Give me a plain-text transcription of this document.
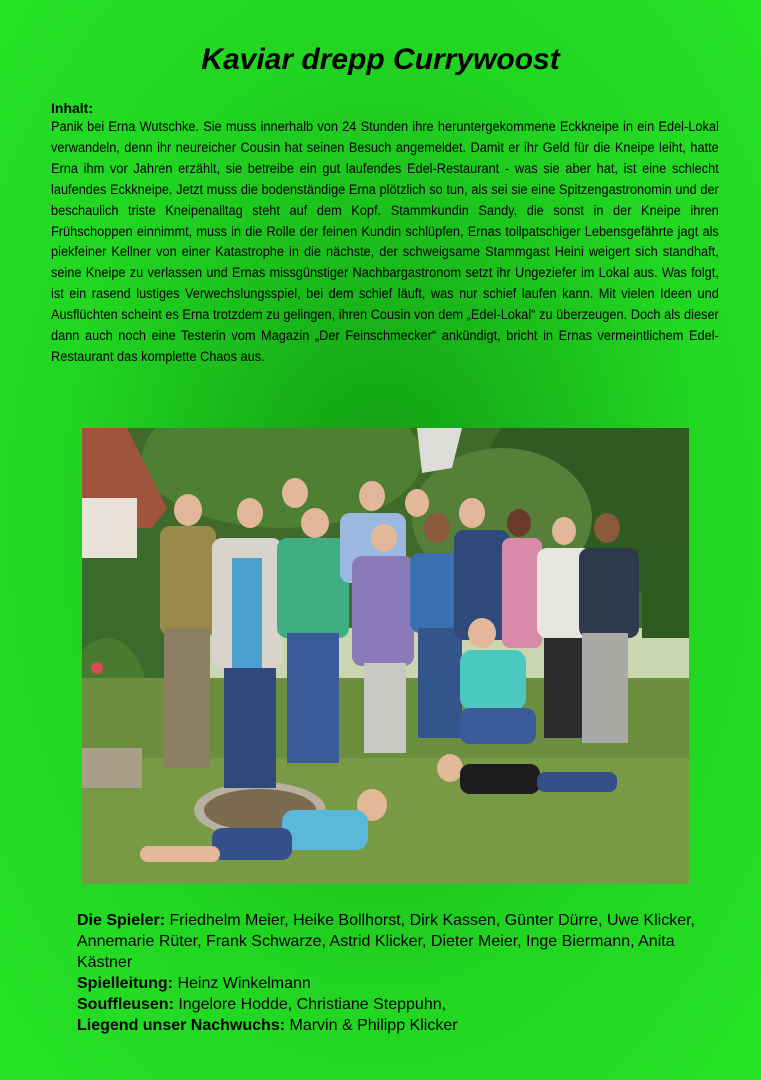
Kaviar drepp Currywoost
Inhalt:
Panik bei Erna Wutschke. Sie muss innerhalb von 24 Stunden ihre heruntergekommene Eckkneipe in ein Edel-Lokal verwandeln, denn ihr neureicher Cousin hat seinen Besuch angemeldet. Damit er ihr Geld für die Kneipe leiht, hatte Erna ihm vor Jahren erzählt, sie betreibe ein gut laufendes Edel-Restaurant - was sie aber hat, ist eine schlecht laufendes Eckkneipe. Jetzt muss die bodenständige Erna plötzlich so tun, als sei sie eine Spitzengastronomin und der beschaulich triste Kneipenalltag steht auf dem Kopf. Stammkundin Sandy, die sonst in der Kneipe ihren Frühschoppen einnimmt, muss in die Rolle der feinen Kundin schlüpfen, Ernas tollpatschiger Lebensgefährte jagt als piekfeiner Kellner von einer Katastrophe in die nächste, der schweigsame Stammgast Heini weigert sich standhaft, seine Kneipe zu verlassen und Ernas missgünstiger Nachbargastronom setzt ihr Ungeziefer im Lokal aus. Was folgt, ist ein rasend lustiges Verwechslungsspiel, bei dem schief läuft, was nur schief laufen kann. Mit vielen Ideen und Ausflüchten scheint es Erna trotzdem zu gelingen, ihren Cousin von dem „Edel-Lokal“ zu überzeugen. Doch als dieser dann auch noch eine Testerin vom Magazin „Der Feinschmecker“ ankündigt, bricht in Ernas vermeintlichem Edel-Restaurant das komplette Chaos aus.
Die Spieler: Friedhelm Meier, Heike Bollhorst, Dirk Kassen, Günter Dürre, Uwe Klicker, Annemarie Rüter, Frank Schwarze, Astrid Klicker, Dieter Meier, Inge Biermann, Anita Kästner
Spielleitung: Heinz Winkelmann
Souffleusen: Ingelore Hodde, Christiane Steppuhn,
Liegend unser Nachwuchs: Marvin & Philipp Klicker
